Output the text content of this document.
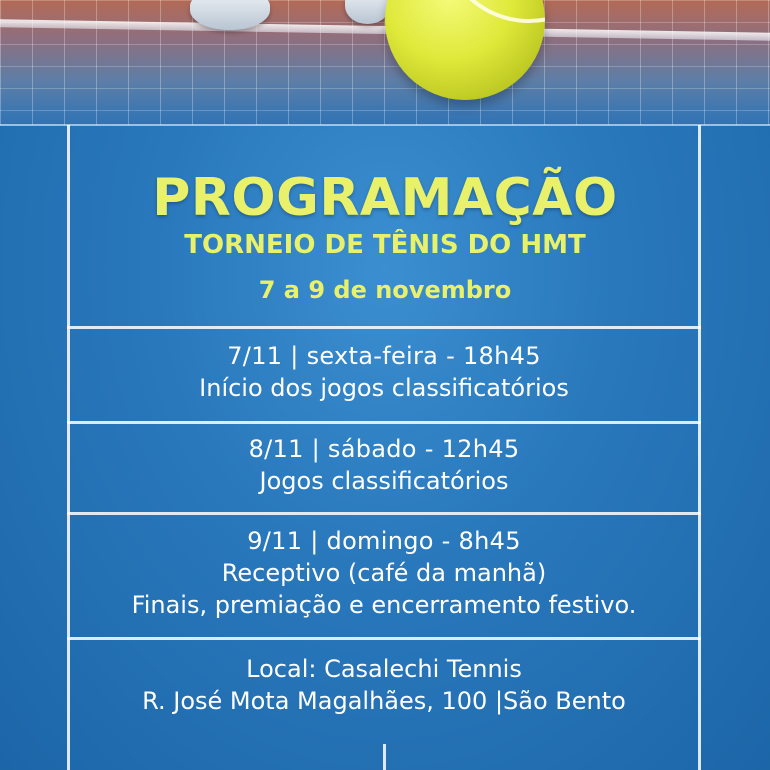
PROGRAMAÇÃO
TORNEIO DE TÊNIS DO HMT
7 a 9 de novembro
7/11 | sexta-feira - 18h45
Início dos jogos classificatórios
8/11 | sábado - 12h45
Jogos classificatórios
9/11 | domingo - 8h45
Receptivo (café da manhã)
Finais, premiação e encerramento festivo.
Local: Casalechi Tennis
R. José Mota Magalhães, 100 |São Bento
